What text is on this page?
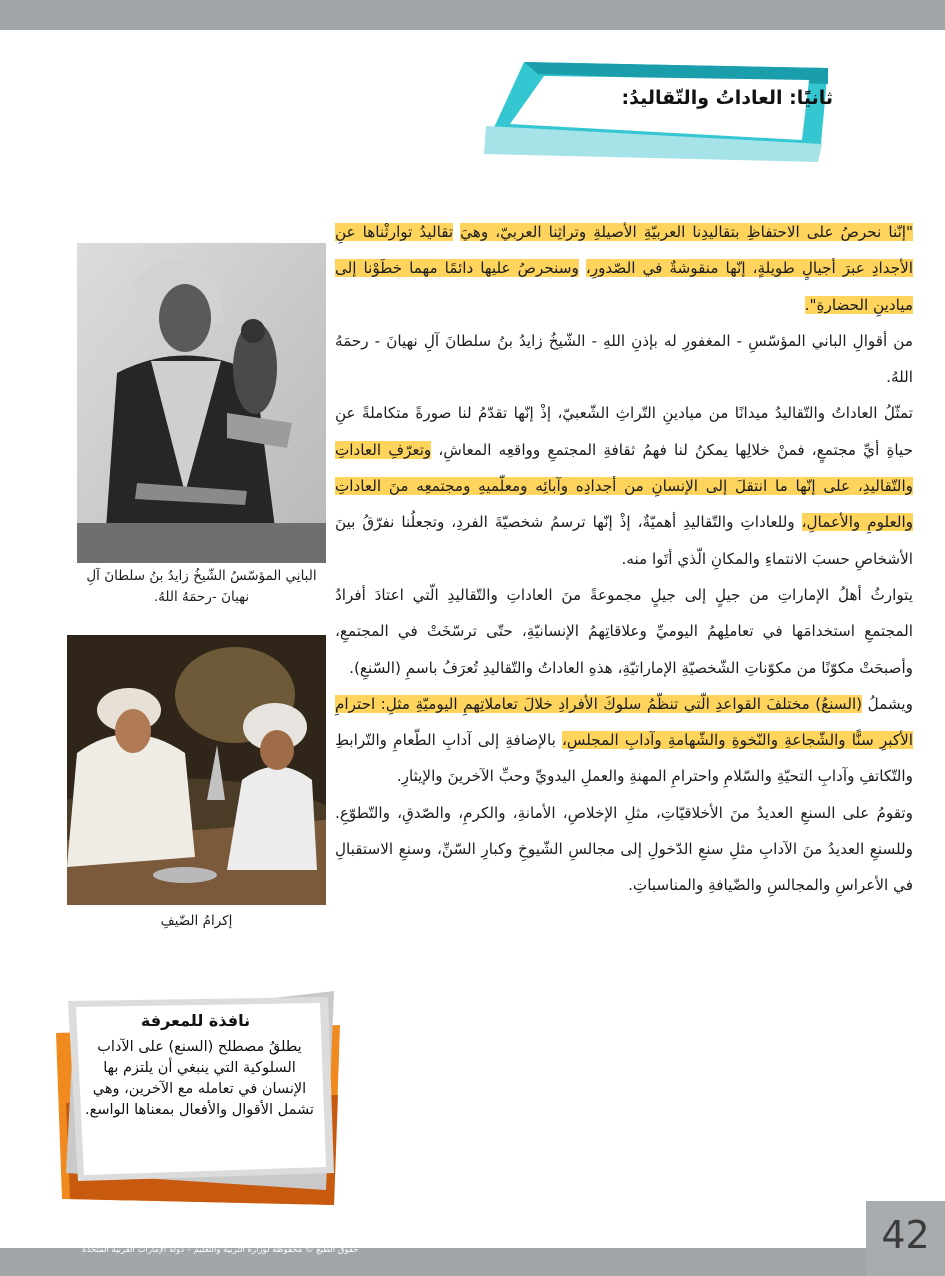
ثانيًا: العاداتُ والتّقاليدُ:

"إنّنا نحرصُ على الاحتفاظِ بتقاليدِنا العربيّةِ الأصيلةِ وتراثِنا العربيّ، وهيَ تقاليدُ توارثْناها عنِ الأجدادِ عبرَ أجيالٍ طويلةٍ، إنّها منقوشةٌ في الصّدورِ، وسنحرصُ عليها دائمًا مهما خطَوْنا إلى ميادينِ الحضارةِ".

من أقوالِ الباني المؤسّسِ - المغفورِ له بإذنِ اللهِ - الشّيخُ زايدُ بنُ سلطانَ آلِ نهيانَ - رحمَهُ اللهُ.

تمثّلُ العاداتُ والتّقاليدُ ميدانًا من ميادينِ التّراثِ الشّعبيّ، إذْ إنّها تقدّمُ لنا صورةً متكاملةً عنِ حياةِ أيِّ مجتمعٍ، فمنْ خلالِها يمكنُ لنا فهمُ ثقافةِ المجتمعِ وواقعِه المعاشِ، وتعرّفِ العاداتِ والتّقاليدِ، على إنّها ما انتقلَ إلى الإنسانِ من أجدادِه وآبائِه ومعلّميهِ ومجتمعِه منَ العاداتِ والعلومِ والأعمالِ، وللعاداتِ والتّقاليدِ أهميّةٌ، إذْ إنّها ترسمُ شخصيّةَ الفردِ، وتجعلُنا نفرّقُ بينَ الأشخاصِ حسبَ الانتماءِ والمكانِ الّذي أتَوا منه.

يتوارثُ أهلُ الإماراتِ من جيلٍ إلى جيلٍ مجموعةً منَ العاداتِ والتّقاليدِ الّتي اعتادَ أفرادُ المجتمعِ استخدامَها في تعاملِهمُ اليوميِّ وعلاقاتِهمُ الإنسانيّةِ، حتّى ترسّخَتْ في المجتمعِ، وأصبحَتْ مكوّنًا من مكوّناتِ الشّخصيّةِ الإماراتيّةِ، هذهِ العاداتُ والتّقاليدِ تُعرَفُ باسمِ (السّنعِ).

ويشملُ (السنعُ) مختلفَ القواعدِ الّتي تنظّمُ سلوكَ الأفرادِ خلالَ تعاملاتِهمِ اليوميّةِ مثلِ: احترامِ الأكبرِ سنًّا والشّجاعةِ والنّخوةِ والشّهامةِ وآدابِ المجلسِ، بالإضافةِ إلى آدابِ الطّعامِ والتّرابطِ والتّكاتفِ وآدابِ التحيّةِ والسّلامِ واحترامِ المهنةِ والعملِ اليدويِّ وحبِّ الآخرينَ والإيثارِ.

وتقومُ على السنعِ العديدُ منَ الأخلاقيّاتِ، مثلِ الإخلاصِ، الأمانةِ، والكرمِ، والصّدقِ، والتّطوّعِ. وللسنعِ العديدُ منَ الآدابِ مثلِ سنعِ الدّخولِ إلى مجالسِ الشّيوخِ وكبارِ السّنِّ، وسنعِ الاستقبالِ في الأعراسِ والمجالسِ والضّيافةِ والمناسباتِ.

البانِي المؤسّسُ الشّيخُ زايدُ بنُ سلطانَ آلِ نهيانَ -رحمَهُ اللهُ.
إكرامُ الضّيفِ
نافذة للمعرفة
يطلقُ مصطلح (السنع) على الآداب السلوكية التي ينبغي أن يلتزم بها الإنسان في تعامله مع الآخرين، وهي تشمل الأقوال والأفعال بمعناها الواسع.
حقوق الطبع © محفوظة لوزارة التربية والتعليم – دولة الإمارات العربية المتحدة	42
